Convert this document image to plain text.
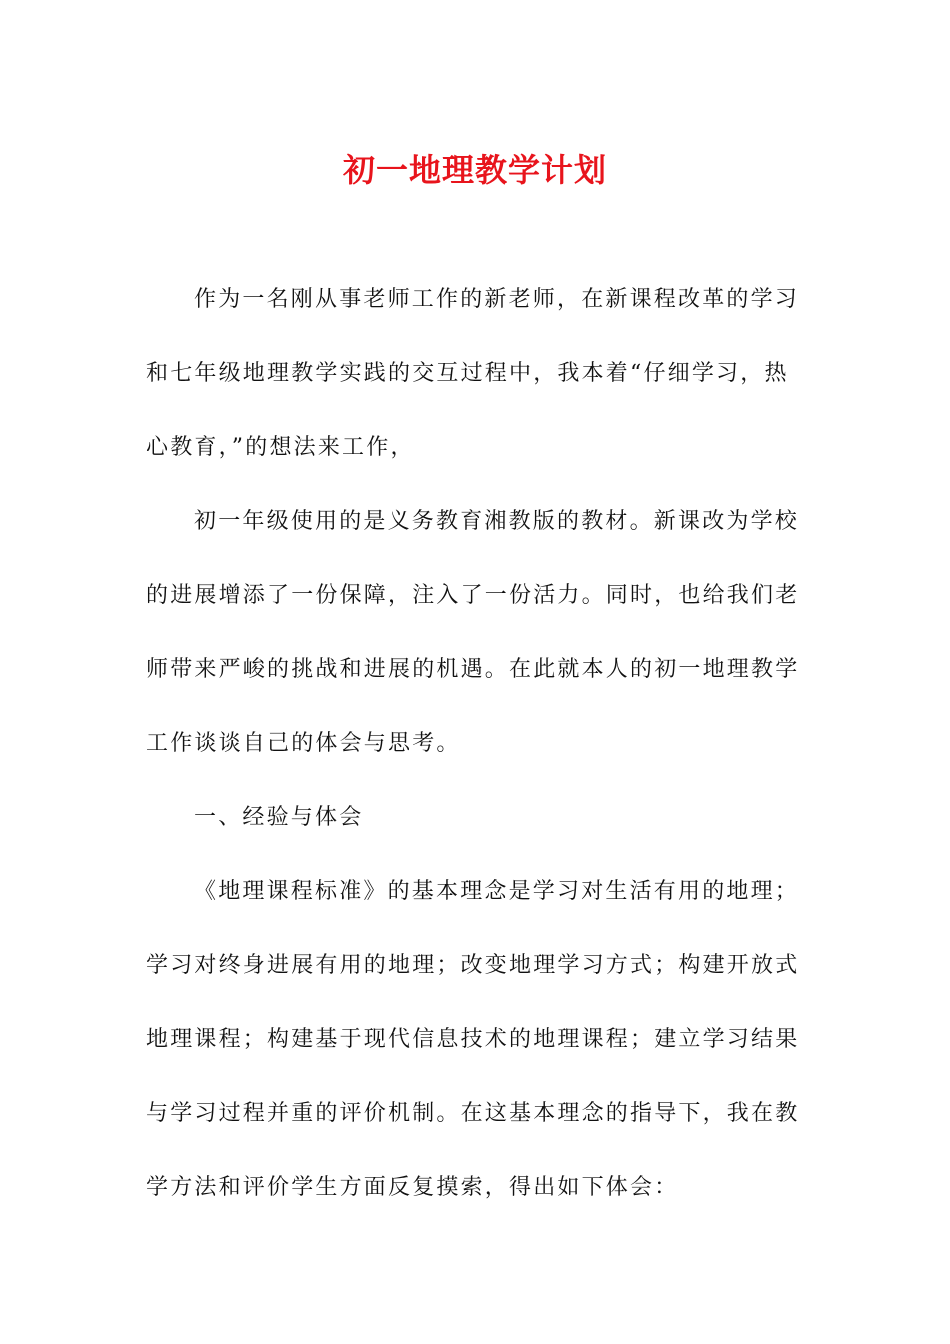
初一地理教学计划
作为一名刚从事老师工作的新老师，在新课程改革的学习
和七年级地理教学实践的交互过程中，我本着“仔细学习，热
心教育，”的想法来工作，
初一年级使用的是义务教育湘教版的教材。新课改为学校
的进展增添了一份保障，注入了一份活力。同时，也给我们老
师带来严峻的挑战和进展的机遇。在此就本人的初一地理教学
工作谈谈自己的体会与思考。
一、经验与体会
《地理课程标准》的基本理念是学习对生活有用的地理；
学习对终身进展有用的地理；改变地理学习方式；构建开放式
地理课程；构建基于现代信息技术的地理课程；建立学习结果
与学习过程并重的评价机制。在这基本理念的指导下，我在教
学方法和评价学生方面反复摸索，得出如下体会：
